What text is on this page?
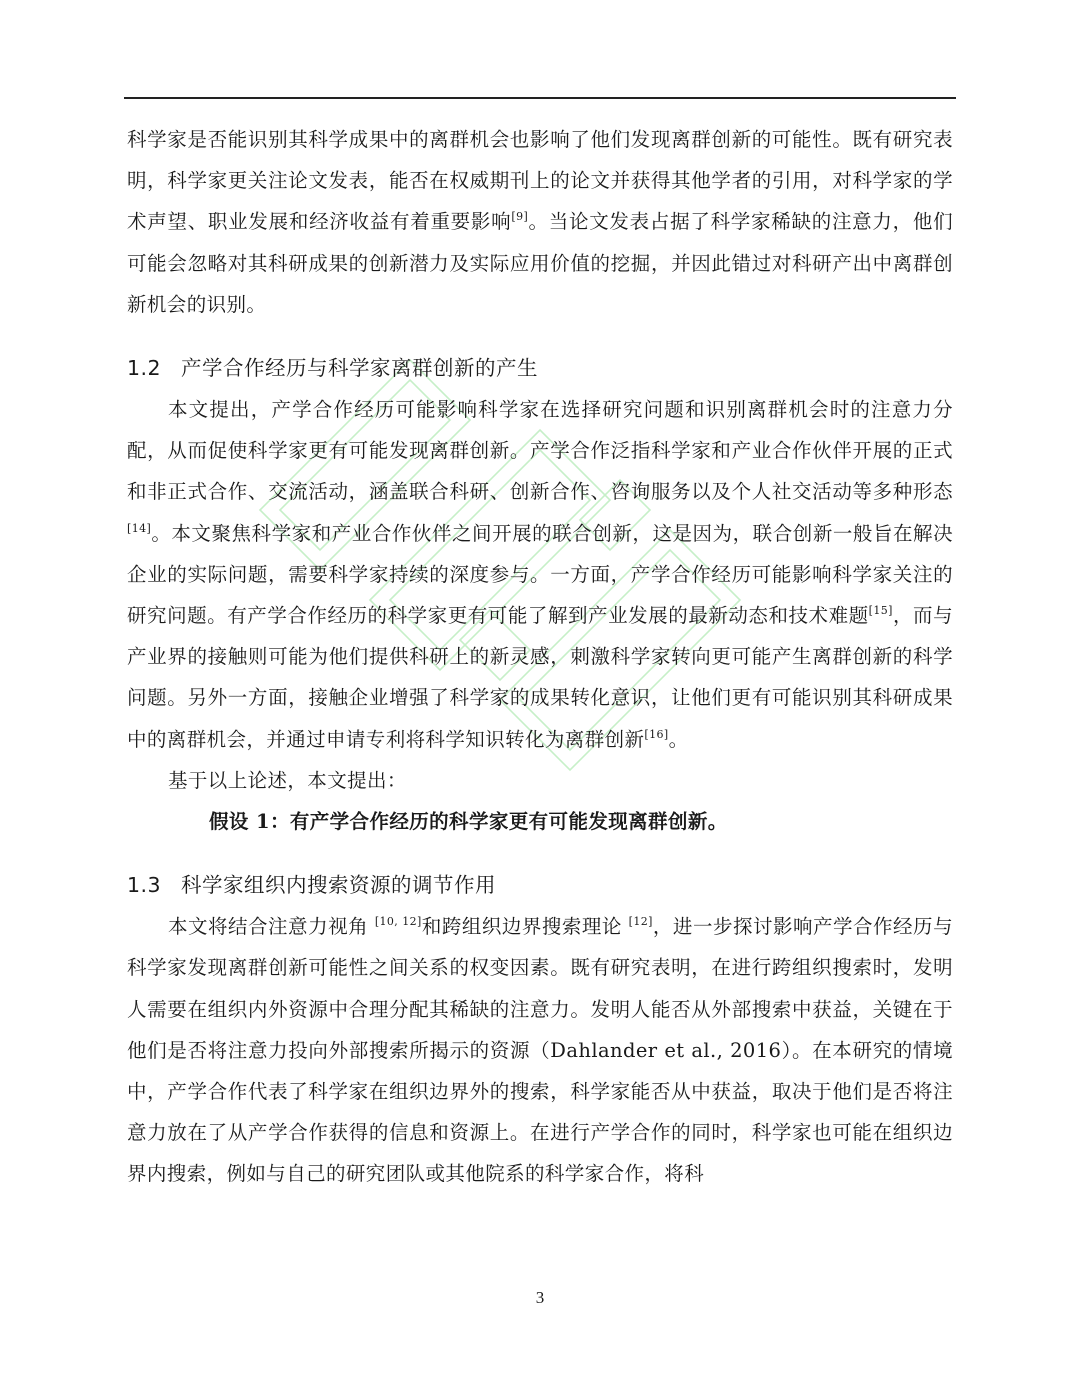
科学家是否能识别其科学成果中的离群机会也影响了他们发现离群创新的可能性。既有研究表明，科学家更关注论文发表，能否在权威期刊上的论文并获得其他学者的引用，对科学家的学术声望、职业发展和经济收益有着重要影响[9]。当论文发表占据了科学家稀缺的注意力，他们可能会忽略对其科研成果的创新潜力及实际应用价值的挖掘，并因此错过对科研产出中离群创新机会的识别。

1.2 产学合作经历与科学家离群创新的产生

本文提出，产学合作经历可能影响科学家在选择研究问题和识别离群机会时的注意力分配，从而促使科学家更有可能发现离群创新。产学合作泛指科学家和产业合作伙伴开展的正式和非正式合作、交流活动，涵盖联合科研、创新合作、咨询服务以及个人社交活动等多种形态 [14]。本文聚焦科学家和产业合作伙伴之间开展的联合创新，这是因为，联合创新一般旨在解决企业的实际问题，需要科学家持续的深度参与。一方面，产学合作经历可能影响科学家关注的研究问题。有产学合作经历的科学家更有可能了解到产业发展的最新动态和技术难题[15]，而与产业界的接触则可能为他们提供科研上的新灵感，刺激科学家转向更可能产生离群创新的科学问题。另外一方面，接触企业增强了科学家的成果转化意识，让他们更有可能识别其科研成果中的离群机会，并通过申请专利将科学知识转化为离群创新[16]。

基于以上论述，本文提出：

假设 1：有产学合作经历的科学家更有可能发现离群创新。

1.3 科学家组织内搜索资源的调节作用

本文将结合注意力视角 [10, 12]和跨组织边界搜索理论 [12]，进一步探讨影响产学合作经历与科学家发现离群创新可能性之间关系的权变因素。既有研究表明，在进行跨组织搜索时，发明人需要在组织内外资源中合理分配其稀缺的注意力。发明人能否从外部搜索中获益，关键在于他们是否将注意力投向外部搜索所揭示的资源（Dahlander et al., 2016）。在本研究的情境中，产学合作代表了科学家在组织边界外的搜索，科学家能否从中获益，取决于他们是否将注意力放在了从产学合作获得的信息和资源上。在进行产学合作的同时，科学家也可能在组织边界内搜索，例如与自己的研究团队或其他院系的科学家合作，将科

3
